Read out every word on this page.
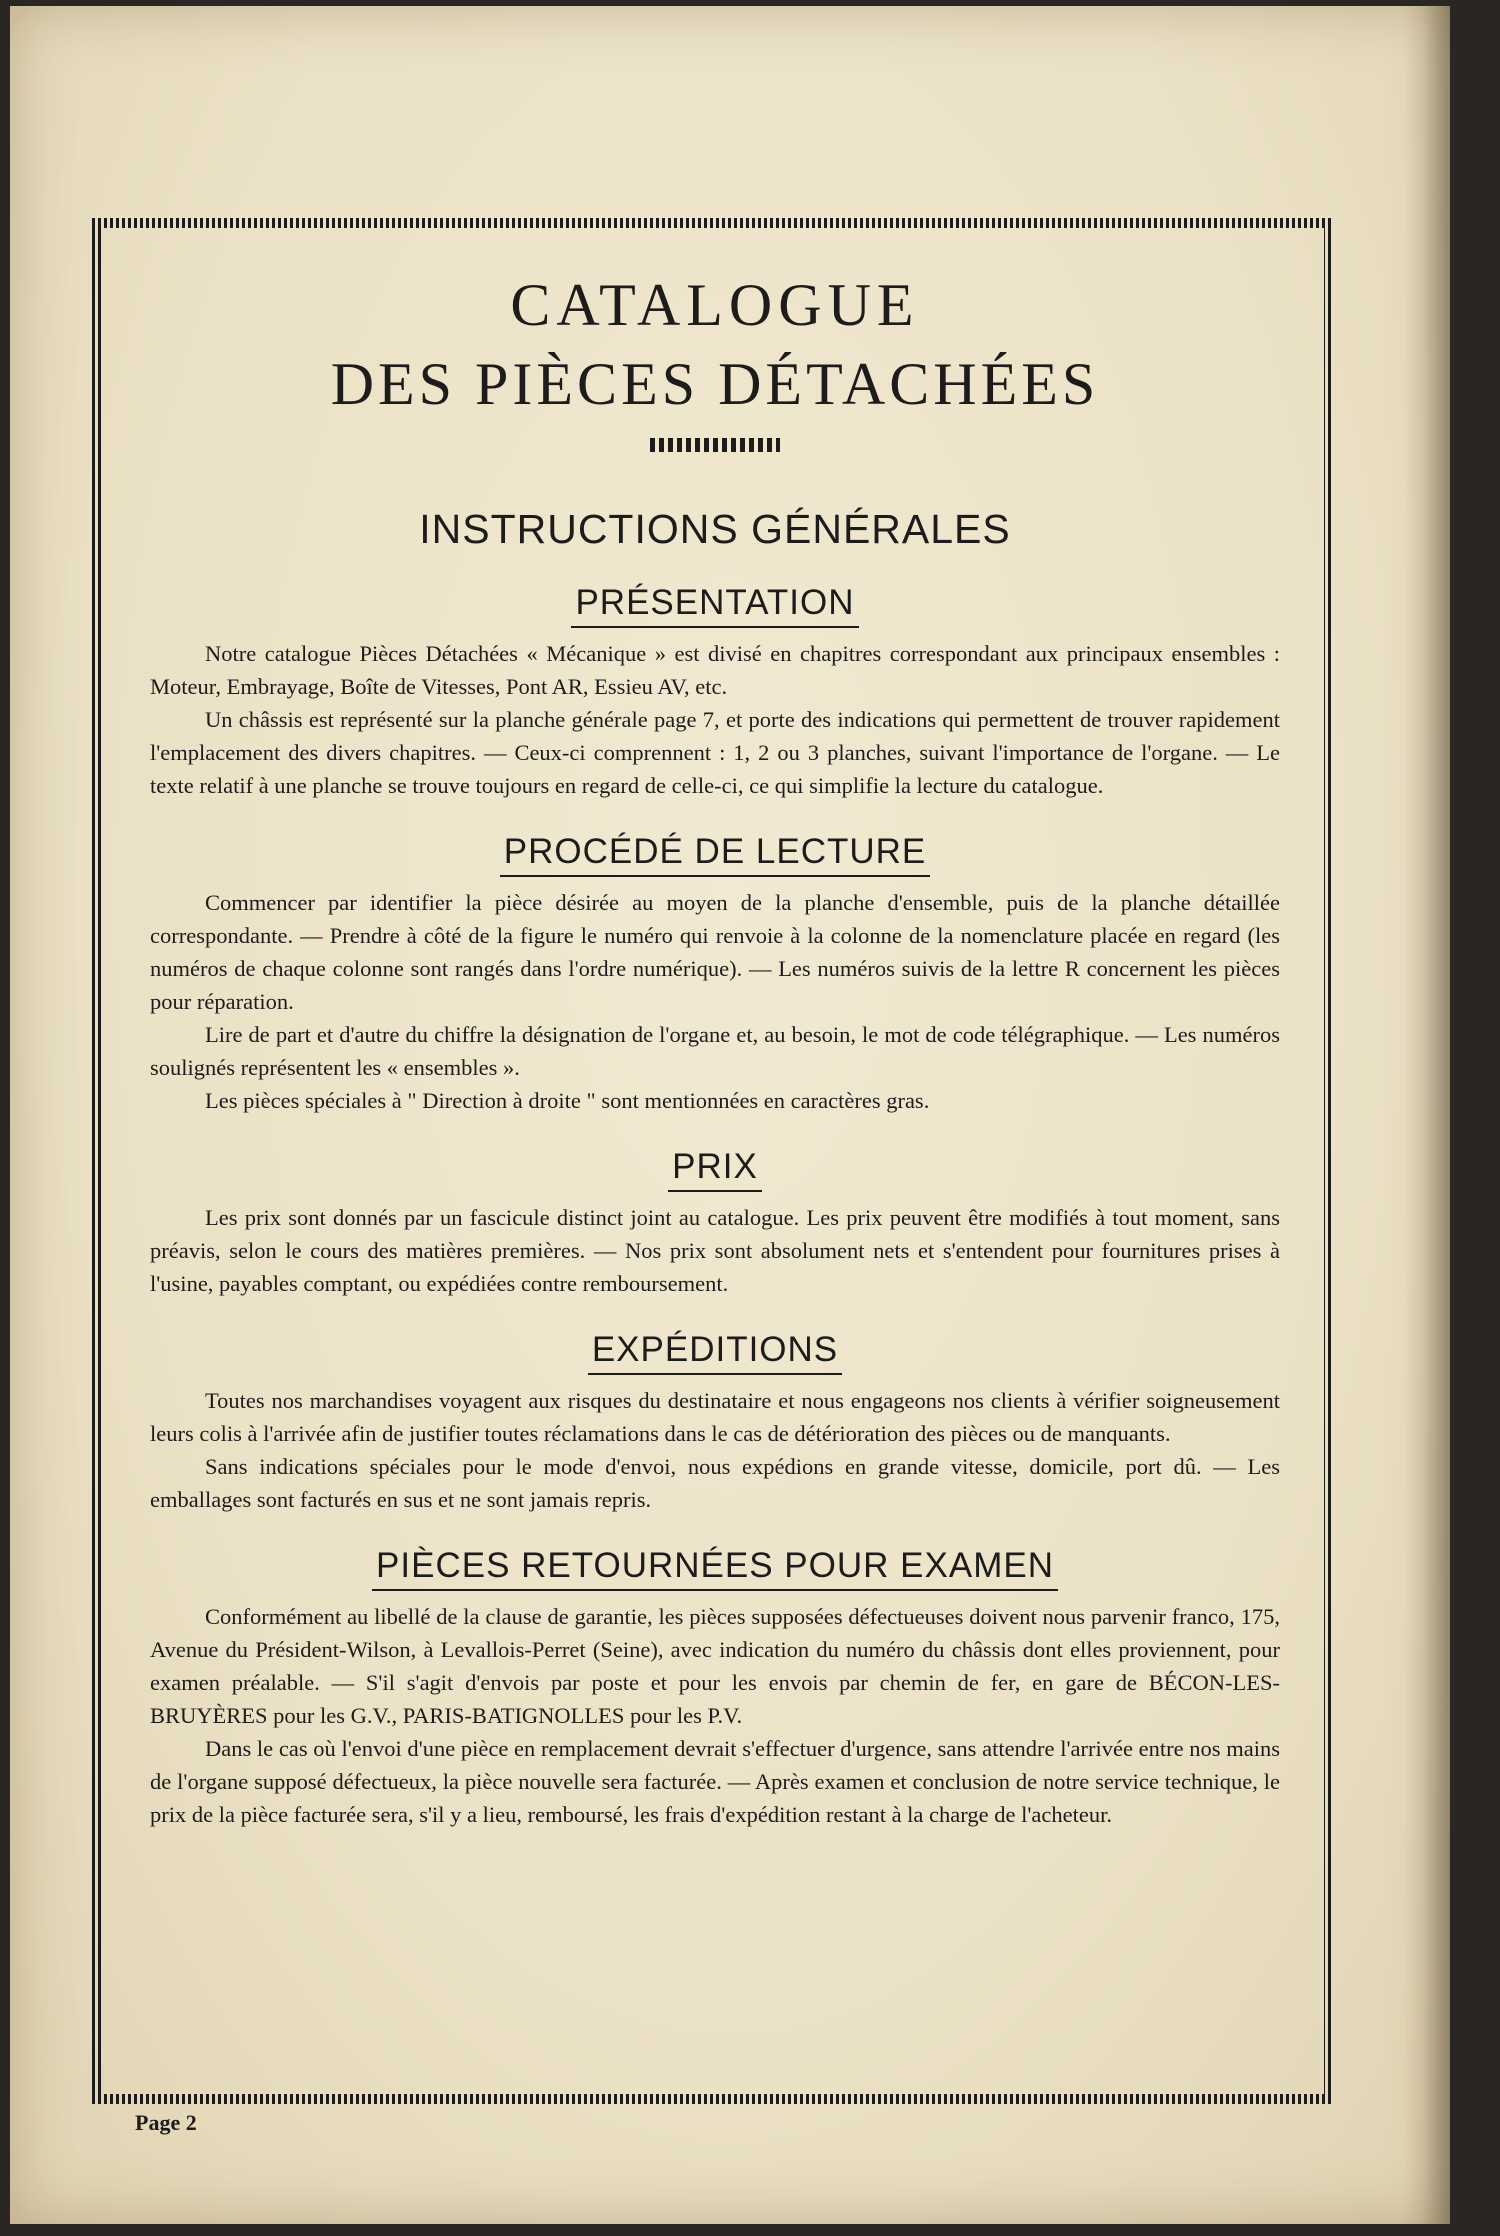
CATALOGUE
DES PIÈCES DÉTACHÉES
INSTRUCTIONS GÉNÉRALES
PRÉSENTATION

Notre catalogue Pièces Détachées « Mécanique » est divisé en chapitres correspondant aux principaux ensembles : Moteur, Embrayage, Boîte de Vitesses, Pont AR, Essieu AV, etc.

Un châssis est représenté sur la planche générale page 7, et porte des indications qui permettent de trouver rapidement l'emplacement des divers chapitres. — Ceux-ci comprennent : 1, 2 ou 3 planches, suivant l'importance de l'organe. — Le texte relatif à une planche se trouve toujours en regard de celle-ci, ce qui simplifie la lecture du catalogue.

PROCÉDÉ DE LECTURE

Commencer par identifier la pièce désirée au moyen de la planche d'ensemble, puis de la planche détaillée correspondante. — Prendre à côté de la figure le numéro qui renvoie à la colonne de la nomenclature placée en regard (les numéros de chaque colonne sont rangés dans l'ordre numérique). — Les numéros suivis de la lettre R concernent les pièces pour réparation.

Lire de part et d'autre du chiffre la désignation de l'organe et, au besoin, le mot de code télégraphique. — Les numéros soulignés représentent les « ensembles ».

Les pièces spéciales à " Direction à droite " sont mentionnées en caractères gras.

PRIX

Les prix sont donnés par un fascicule distinct joint au catalogue. Les prix peuvent être modifiés à tout moment, sans préavis, selon le cours des matières premières. — Nos prix sont absolument nets et s'entendent pour fournitures prises à l'usine, payables comptant, ou expédiées contre remboursement.

EXPÉDITIONS

Toutes nos marchandises voyagent aux risques du destinataire et nous engageons nos clients à vérifier soigneusement leurs colis à l'arrivée afin de justifier toutes réclamations dans le cas de détérioration des pièces ou de manquants.

Sans indications spéciales pour le mode d'envoi, nous expédions en grande vitesse, domicile, port dû. — Les emballages sont facturés en sus et ne sont jamais repris.

PIÈCES RETOURNÉES POUR EXAMEN

Conformément au libellé de la clause de garantie, les pièces supposées défectueuses doivent nous parvenir franco, 175, Avenue du Président-Wilson, à Levallois-Perret (Seine), avec indication du numéro du châssis dont elles proviennent, pour examen préalable. — S'il s'agit d'envois par poste et pour les envois par chemin de fer, en gare de BÉCON-LES-BRUYÈRES pour les G.V., PARIS-BATIGNOLLES pour les P.V.

Dans le cas où l'envoi d'une pièce en remplacement devrait s'effectuer d'urgence, sans attendre l'arrivée entre nos mains de l'organe supposé défectueux, la pièce nouvelle sera facturée. — Après examen et conclusion de notre service technique, le prix de la pièce facturée sera, s'il y a lieu, remboursé, les frais d'expédition restant à la charge de l'acheteur.

Page 2
